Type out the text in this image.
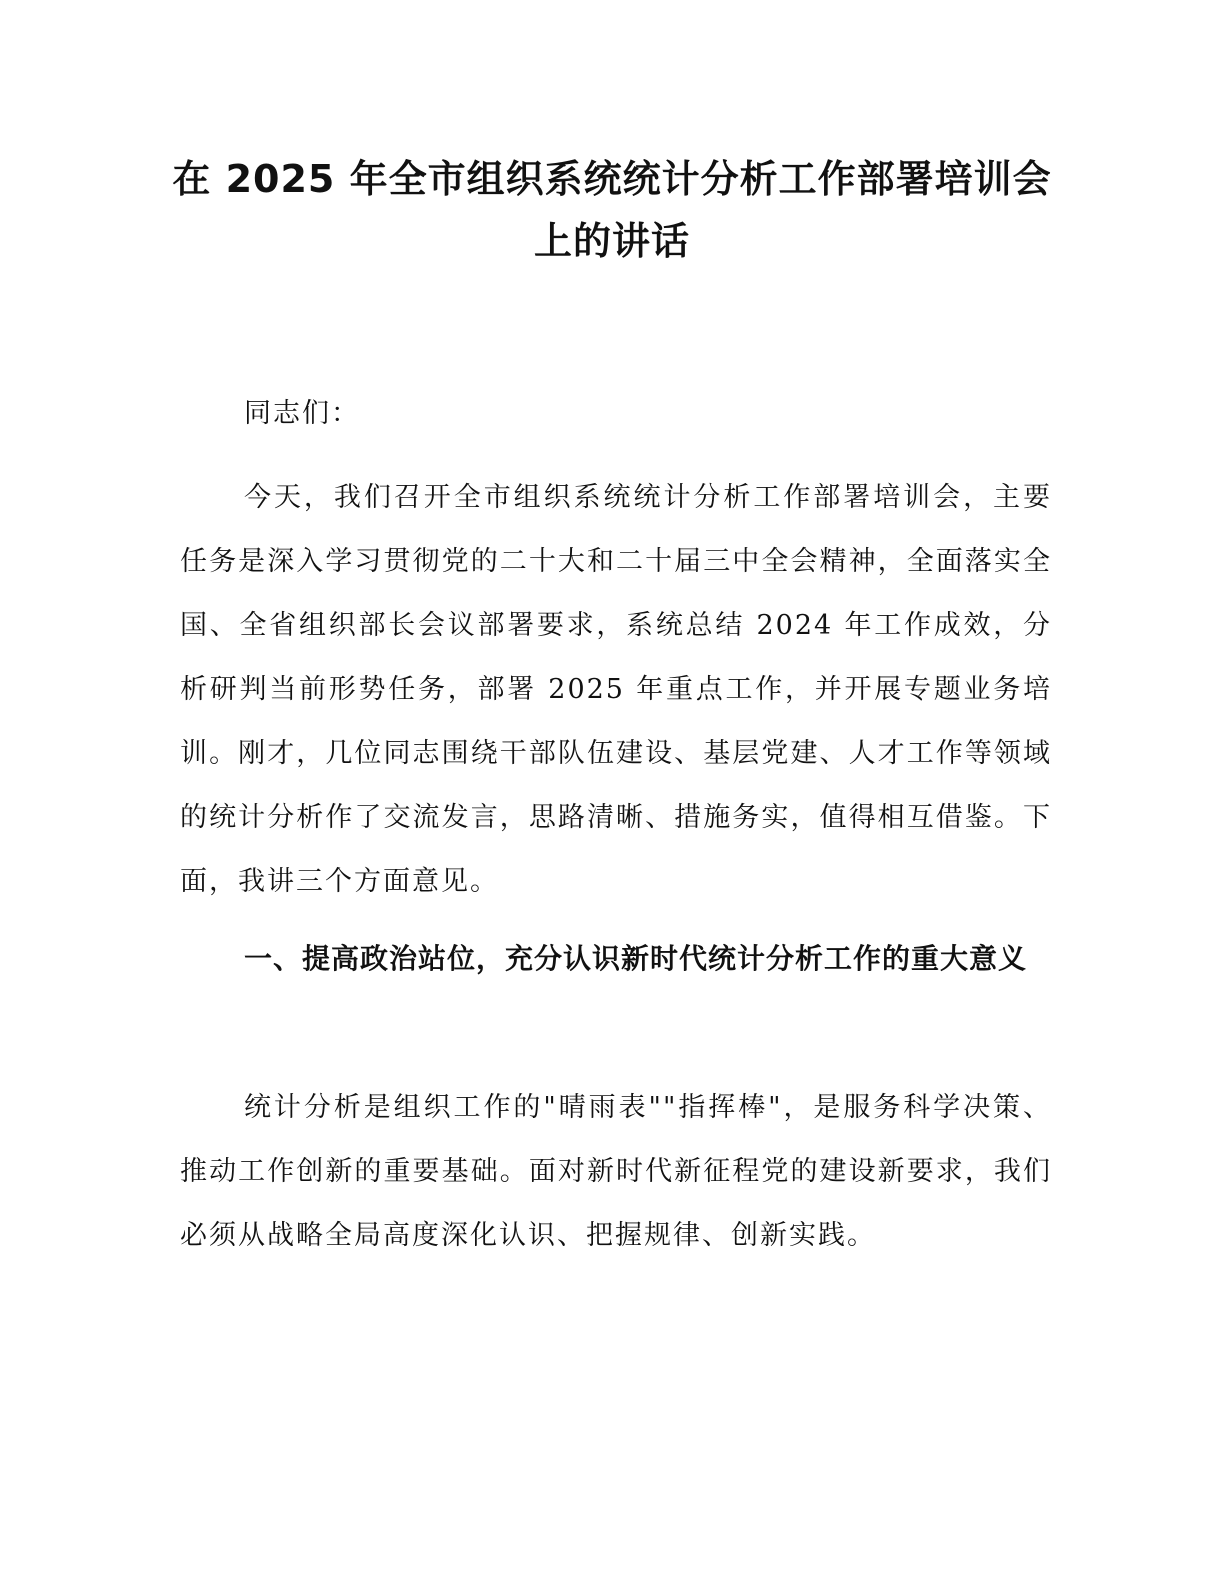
在 2025 年全市组织系统统计分析工作部署培训会上的讲话

同志们：

今天，我们召开全市组织系统统计分析工作部署培训会，主要任务是深入学习贯彻党的二十大和二十届三中全会精神，全面落实全国、全省组织部长会议部署要求，系统总结 2024 年工作成效，分析研判当前形势任务，部署 2025 年重点工作，并开展专题业务培训。刚才，几位同志围绕干部队伍建设、基层党建、人才工作等领域的统计分析作了交流发言，思路清晰、措施务实，值得相互借鉴。下面，我讲三个方面意见。

一、提高政治站位，充分认识新时代统计分析工作的重大意义

统计分析是组织工作的"晴雨表""指挥棒"，是服务科学决策、推动工作创新的重要基础。面对新时代新征程党的建设新要求，我们必须从战略全局高度深化认识、把握规律、创新实践。
